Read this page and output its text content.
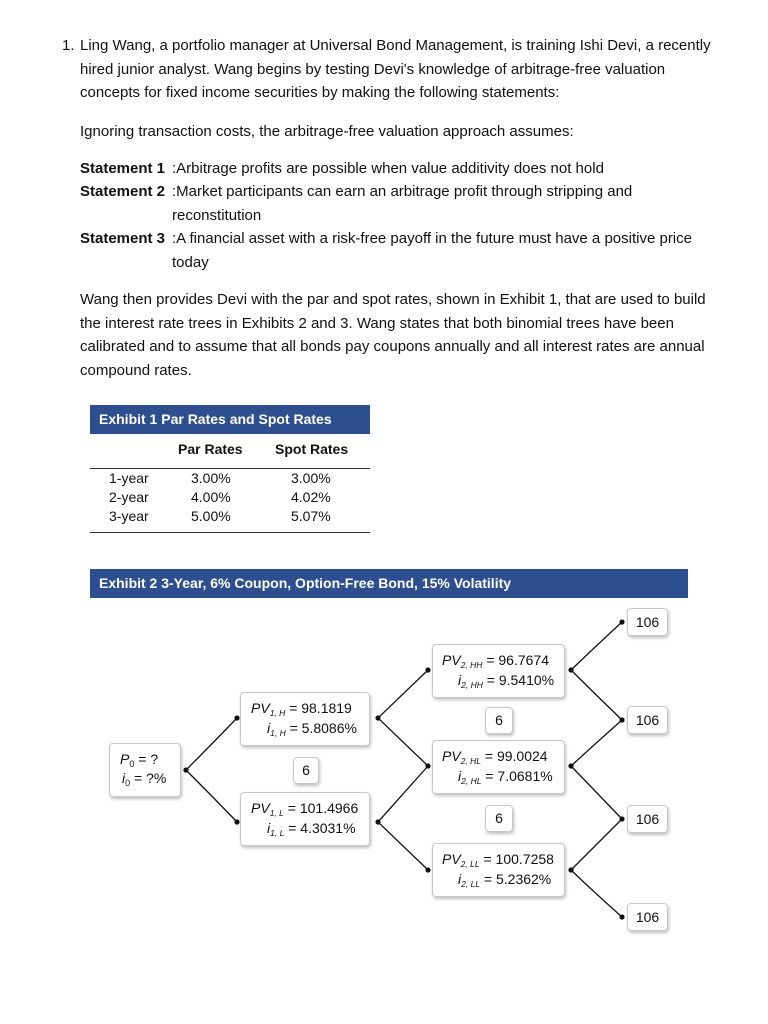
1. Ling Wang, a portfolio manager at Universal Bond Management, is training Ishi Devi, a recently hired junior analyst. Wang begins by testing Devi's knowledge of arbitrage-free valuation concepts for fixed income securities by making the following statements:
Ignoring transaction costs, the arbitrage-free valuation approach assumes:
Statement 1 :Arbitrage profits are possible when value additivity does not hold
Statement 2 :Market participants can earn an arbitrage profit through stripping and
reconstitution
Statement 3 :A financial asset with a risk-free payoff in the future must have a positive price
today
Wang then provides Devi with the par and spot rates, shown in Exhibit 1, that are used to build the interest rate trees in Exhibits 2 and 3. Wang states that both binomial trees have been calibrated and to assume that all bonds pay coupons annually and all interest rates are annual compound rates.
Exhibit 1 Par Rates and Spot Rates
Par Rates Spot Rates
1-year	3.00%	3.00%
2-year	4.00%	4.02%
3-year	5.00%	5.07%
Exhibit 2 3-Year, 6% Coupon, Option-Free Bond, 15% Volatility
$P_0$ = ?
$i_0$ = ?%
$PV_{1, H} = 98.1819$
$i_{1, H} = 5.8086\%$
$PV_{1, L} = 101.4966$
$i_{1, L} = 4.3031\%$
6
$PV_{2, HH} = 96.7674$
$i_{2, HH} = 9.5410\%$
6
$PV_{2, HL} = 99.0024$
$i_{2, HL} = 7.0681\%$
6
$PV_{2, LL} = 100.7258$
$i_{2, LL} = 5.2362\%$
106
106
106
106
